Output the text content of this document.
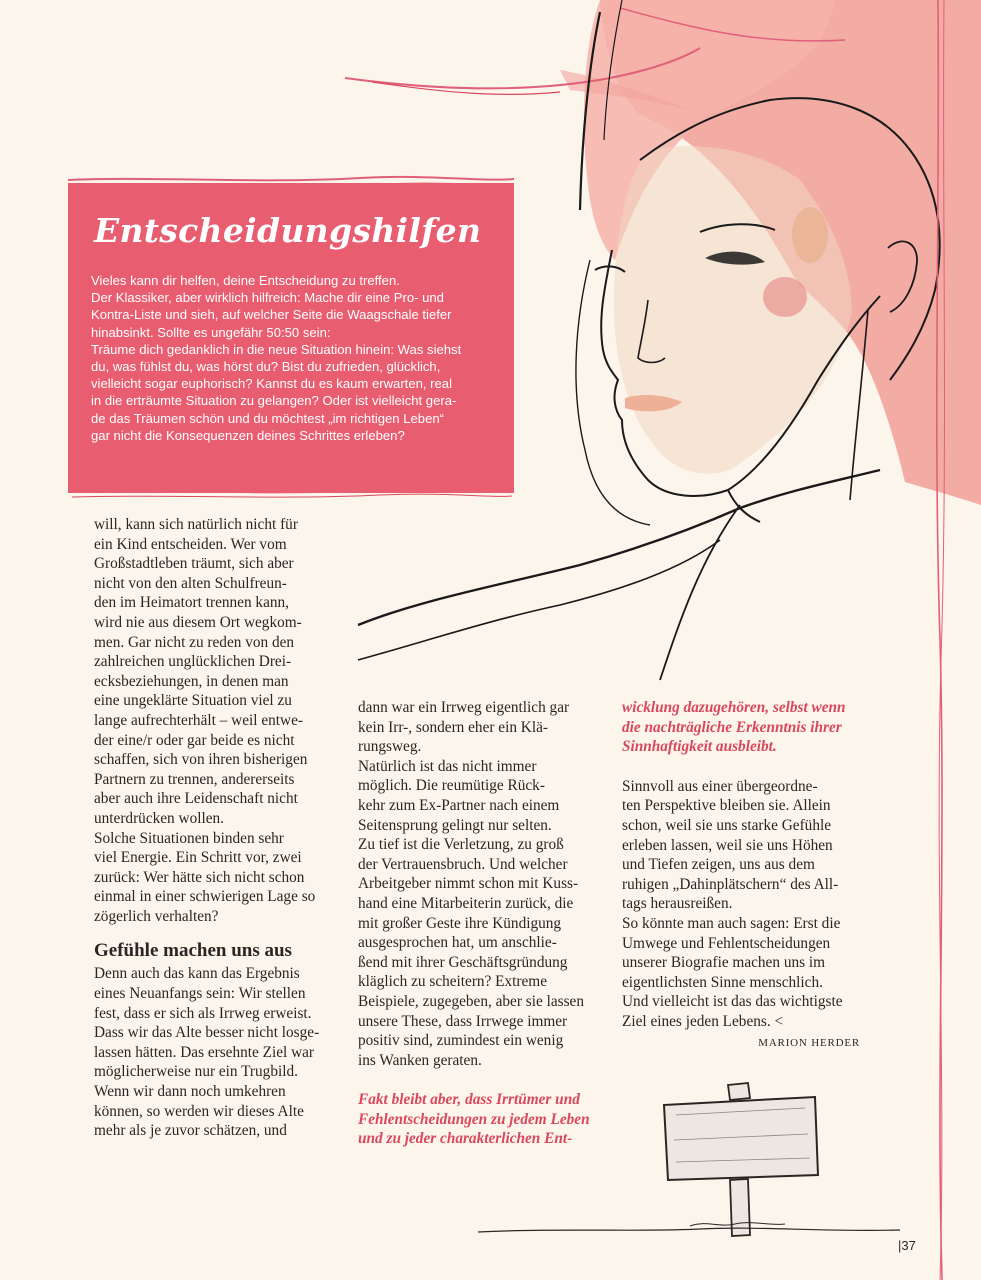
Entscheidungshilfen
Vieles kann dir helfen, deine Entscheidung zu treffen.
Der Klassiker, aber wirklich hilfreich: Mache dir eine Pro- und
Kontra-Liste und sieh, auf welcher Seite die Waagschale tiefer
hinabsinkt. Sollte es ungefähr 50:50 sein:
Träume dich gedanklich in die neue Situation hinein: Was siehst
du, was fühlst du, was hörst du? Bist du zufrieden, glücklich,
vielleicht sogar euphorisch? Kannst du es kaum erwarten, real
in die erträumte Situation zu gelangen? Oder ist vielleicht gera-
de das Träumen schön und du möchtest „im richtigen Leben“
gar nicht die Konsequenzen deines Schrittes erleben?
will, kann sich natürlich nicht für
ein Kind entscheiden. Wer vom
Großstadtleben träumt, sich aber
nicht von den alten Schulfreun-
den im Heimatort trennen kann,
wird nie aus diesem Ort wegkom-
men. Gar nicht zu reden von den
zahlreichen unglücklichen Drei-
ecksbeziehungen, in denen man
eine ungeklärte Situation viel zu
lange aufrechterhält – weil entwe-
der eine/r oder gar beide es nicht
schaffen, sich von ihren bisherigen
Partnern zu trennen, andererseits
aber auch ihre Leidenschaft nicht
unterdrücken wollen.
Solche Situationen binden sehr
viel Energie. Ein Schritt vor, zwei
zurück: Wer hätte sich nicht schon
einmal in einer schwierigen Lage so
zögerlich verhalten?
Gefühle machen uns aus
Denn auch das kann das Ergebnis
eines Neuanfangs sein: Wir stellen
fest, dass er sich als Irrweg erweist.
Dass wir das Alte besser nicht losge-
lassen hätten. Das ersehnte Ziel war
möglicherweise nur ein Trugbild.
Wenn wir dann noch umkehren
können, so werden wir dieses Alte
mehr als je zuvor schätzen, und
dann war ein Irrweg eigentlich gar
kein Irr-, sondern eher ein Klä-
rungsweg.
Natürlich ist das nicht immer
möglich. Die reumütige Rück-
kehr zum Ex-Partner nach einem
Seitensprung gelingt nur selten.
Zu tief ist die Verletzung, zu groß
der Vertrauensbruch. Und welcher
Arbeitgeber nimmt schon mit Kuss-
hand eine Mitarbeiterin zurück, die
mit großer Geste ihre Kündigung
ausgesprochen hat, um anschlie-
ßend mit ihrer Geschäftsgründung
kläglich zu scheitern? Extreme
Beispiele, zugegeben, aber sie lassen
unsere These, dass Irrwege immer
positiv sind, zumindest ein wenig
ins Wanken geraten.
Fakt bleibt aber, dass Irrtümer und
Fehlentscheidungen zu jedem Leben
und zu jeder charakterlichen Ent-
wicklung dazugehören, selbst wenn
die nachträgliche Erkenntnis ihrer
Sinnhaftigkeit ausbleibt.
Sinnvoll aus einer übergeordne-
ten Perspektive bleiben sie. Allein
schon, weil sie uns starke Gefühle
erleben lassen, weil sie uns Höhen
und Tiefen zeigen, uns aus dem
ruhigen „Dahinplätschern“ des All-
tags herausreißen.
So könnte man auch sagen: Erst die
Umwege und Fehlentscheidungen
unserer Biografie machen uns im
eigentlichsten Sinne menschlich.
Und vielleicht ist das das wichtigste
Ziel eines jeden Lebens. <
MARION HERDER
|37
